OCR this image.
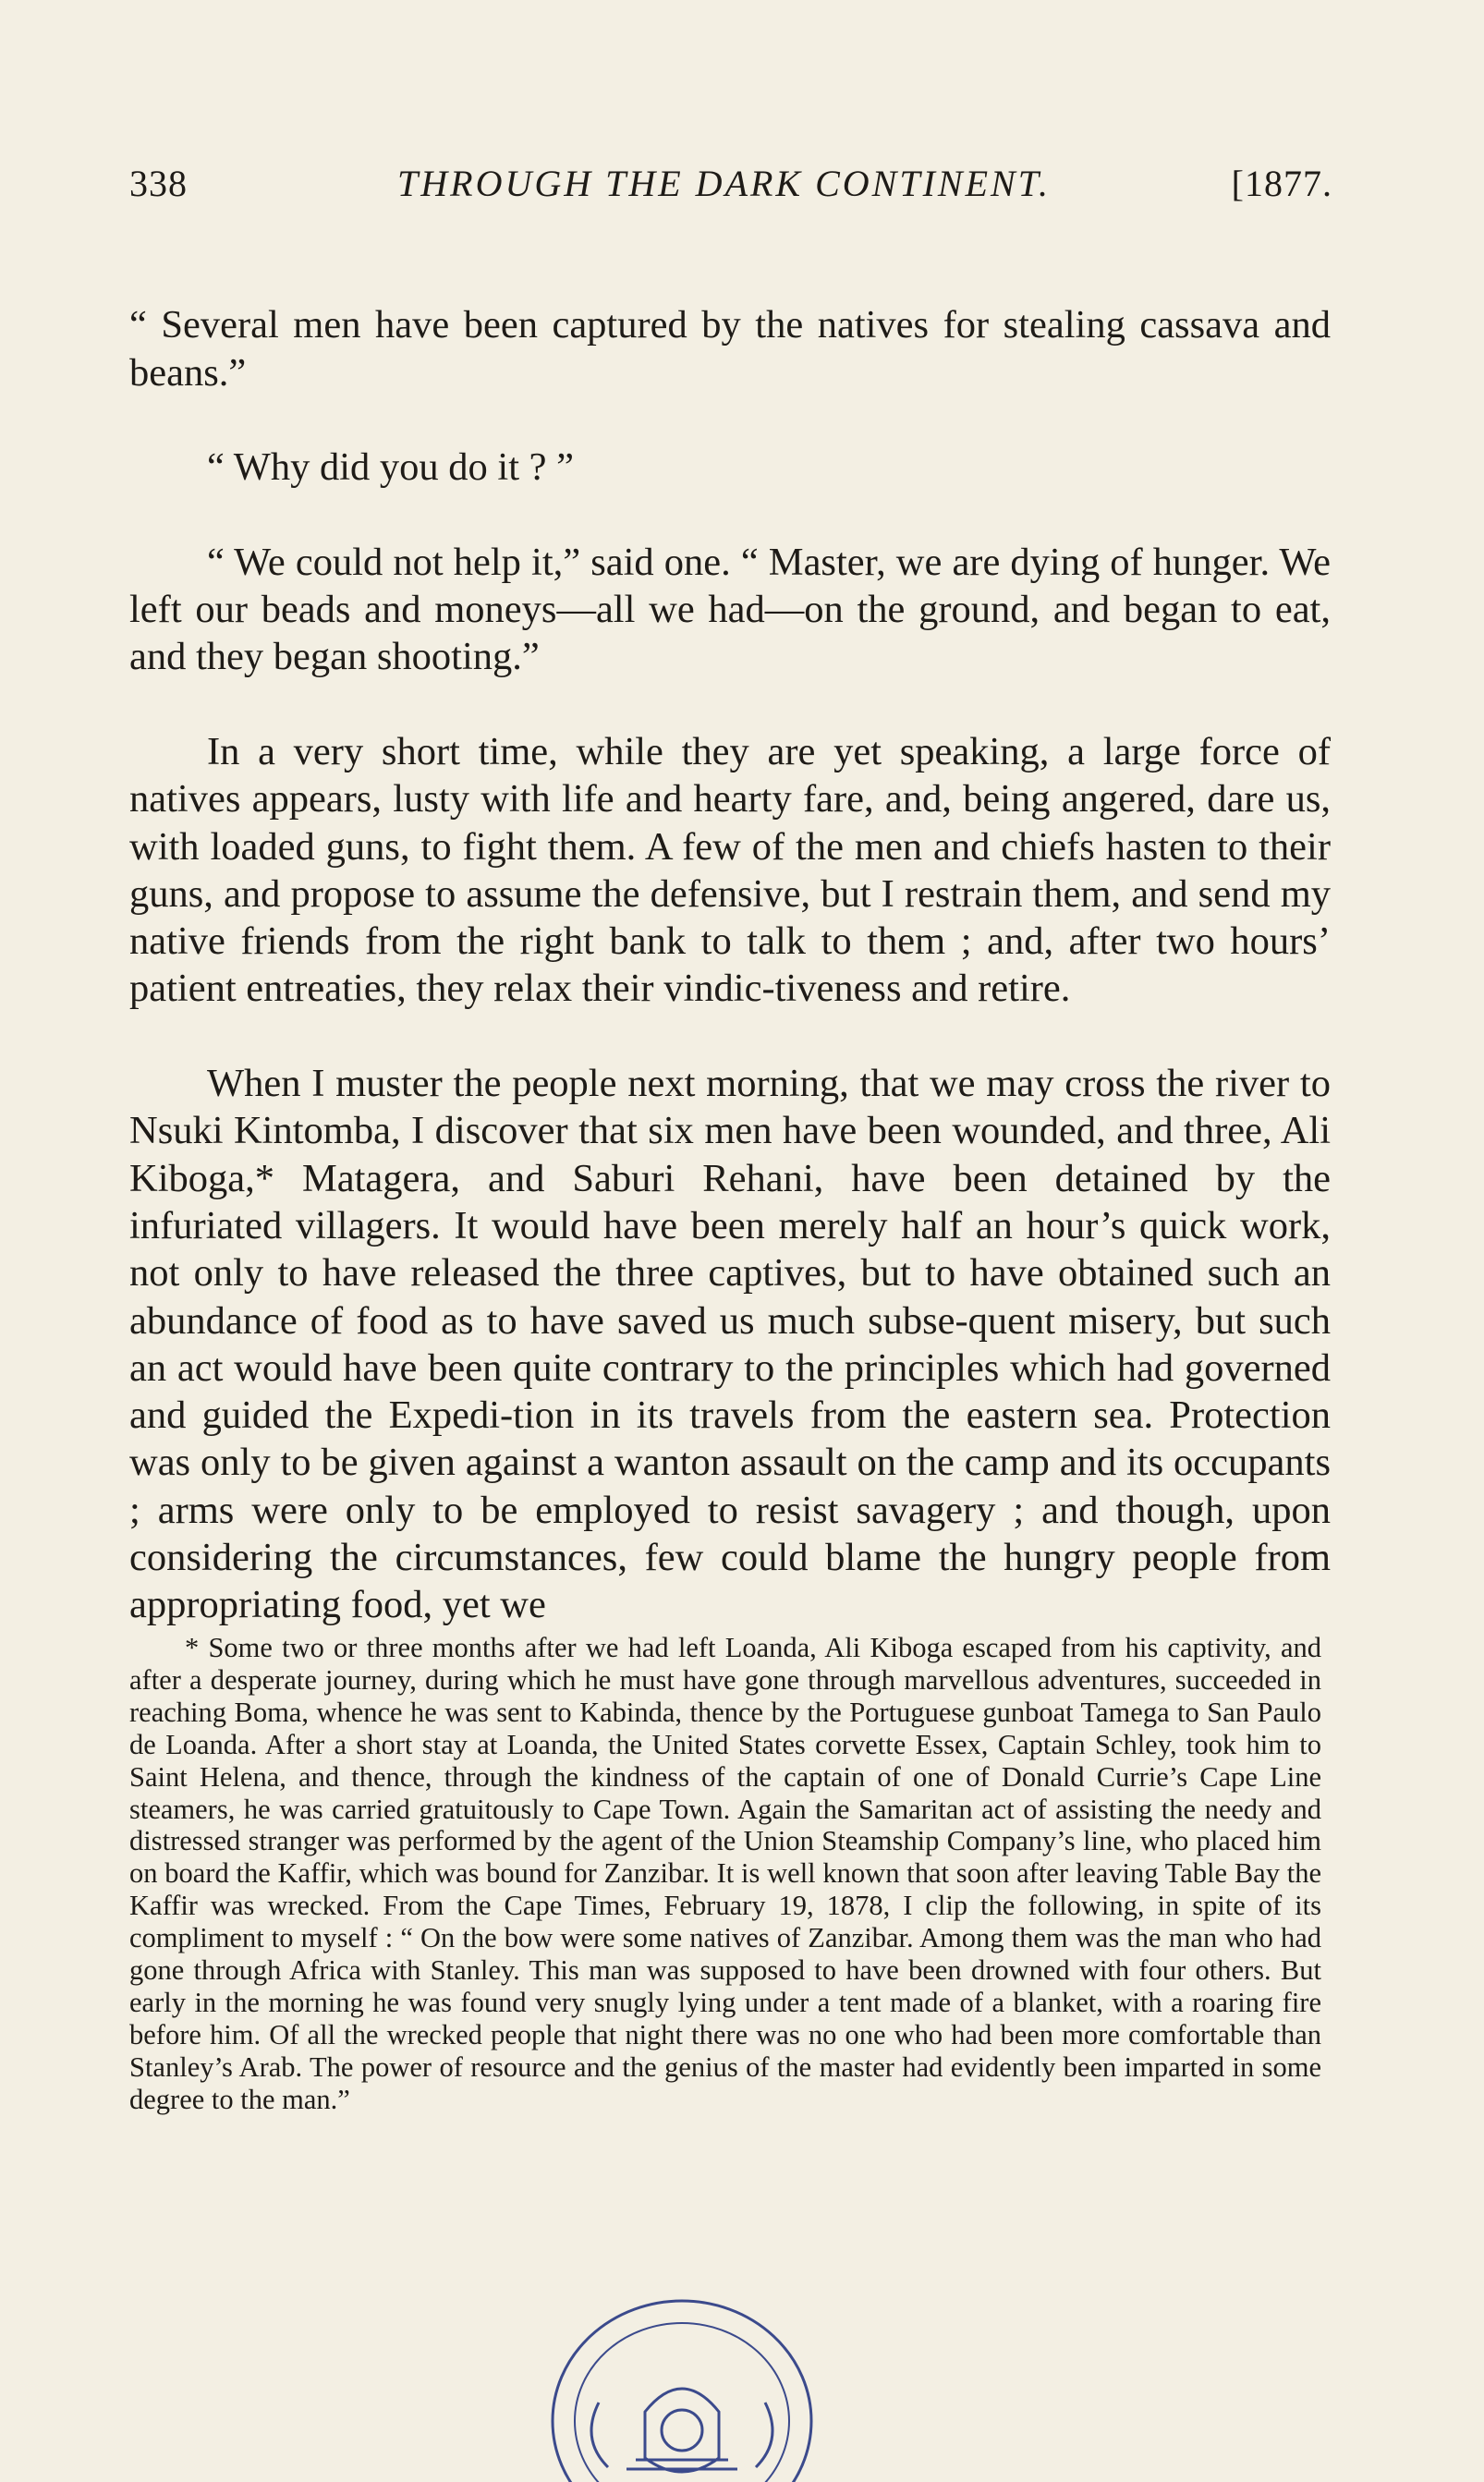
338	THROUGH THE DARK CONTINENT.	[1877.

“ Several men have been captured by the natives for stealing cassava and beans.”

“ Why did you do it ? ”

“ We could not help it,” said one. “ Master, we are dying of hunger. We left our beads and moneys—all we had—on the ground, and began to eat, and they began shooting.”

In a very short time, while they are yet speaking, a large force of natives appears, lusty with life and hearty fare, and, being angered, dare us, with loaded guns, to fight them. A few of the men and chiefs hasten to their guns, and propose to assume the defensive, but I restrain them, and send my native friends from the right bank to talk to them ; and, after two hours’ patient entreaties, they relax their vindic-tiveness and retire.

When I muster the people next morning, that we may cross the river to Nsuki Kintomba, I discover that six men have been wounded, and three, Ali Kiboga,* Matagera, and Saburi Rehani, have been detained by the infuriated villagers. It would have been merely half an hour’s quick work, not only to have released the three captives, but to have obtained such an abundance of food as to have saved us much subse-quent misery, but such an act would have been quite contrary to the principles which had governed and guided the Expedi-tion in its travels from the eastern sea. Protection was only to be given against a wanton assault on the camp and its occupants ; arms were only to be employed to resist savagery ; and though, upon considering the circumstances, few could blame the hungry people from appropriating food, yet we

* Some two or three months after we had left Loanda, Ali Kiboga escaped from his captivity, and after a desperate journey, during which he must have gone through marvellous adventures, succeeded in reaching Boma, whence he was sent to Kabinda, thence by the Portuguese gunboat Tamega to San Paulo de Loanda. After a short stay at Loanda, the United States corvette Essex, Captain Schley, took him to Saint Helena, and thence, through the kindness of the captain of one of Donald Currie’s Cape Line steamers, he was carried gratuitously to Cape Town. Again the Samaritan act of assisting the needy and distressed stranger was performed by the agent of the Union Steamship Company’s line, who placed him on board the Kaffir, which was bound for Zanzibar. It is well known that soon after leaving Table Bay the Kaffir was wrecked. From the Cape Times, February 19, 1878, I clip the following, in spite of its compliment to myself : “ On the bow were some natives of Zanzibar. Among them was the man who had gone through Africa with Stanley. This man was supposed to have been drowned with four others. But early in the morning he was found very snugly lying under a tent made of a blanket, with a roaring fire before him. Of all the wrecked people that night there was no one who had been more comfortable than Stanley’s Arab. The power of resource and the genius of the master had evidently been imparted in some degree to the man.”
